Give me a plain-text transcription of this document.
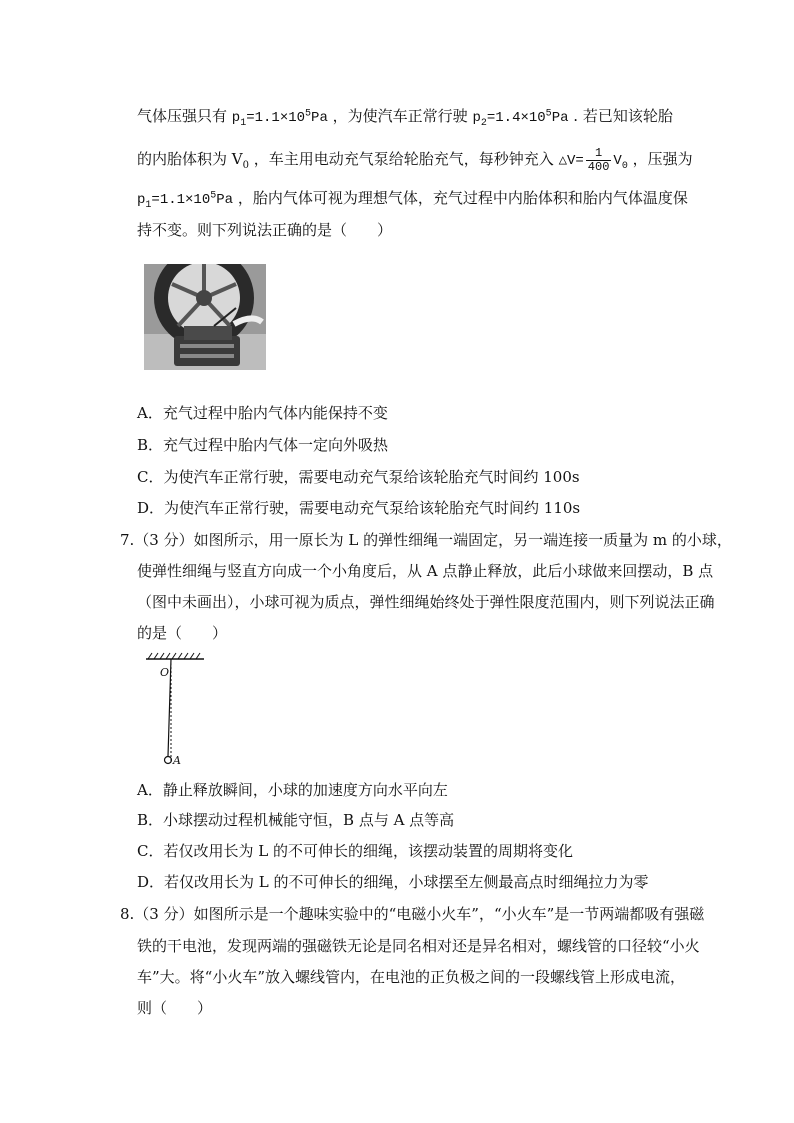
气体压强只有 $p_1=1.1\times 10^5Pa$ ，为使汽车正常行驶 $p_2=1.4\times 10^5Pa$ . 若已知该轮胎
的内胎体积为 $V_0$ ，车主用电动充气泵给轮胎充气，每秒钟充入 △V= $\frac{1}{400} V_0$ ，压强为
$p_1=1.1\times 10^5Pa$ ，胎内气体可视为理想气体，充气过程中内胎体积和胎内气体温度保
持不变。则下列说法正确的是（　　）
A．充气过程中胎内气体内能保持不变
B．充气过程中胎内气体一定向外吸热
C．为使汽车正常行驶，需要电动充气泵给该轮胎充气时间约 100s
D．为使汽车正常行驶，需要电动充气泵给该轮胎充气时间约 110s
7.（3 分）如图所示，用一原长为 L 的弹性细绳一端固定，另一端连接一质量为 m 的小球，
使弹性细绳与竖直方向成一个小角度后，从 A 点静止释放，此后小球做来回摆动，B 点
（图中未画出），小球可视为质点，弹性细绳始终处于弹性限度范围内，则下列说法正确
的是（　　）
O
A
A．静止释放瞬间，小球的加速度方向水平向左
B．小球摆动过程机械能守恒，B 点与 A 点等高
C．若仅改用长为 L 的不可伸长的细绳，该摆动装置的周期将变化
D．若仅改用长为 L 的不可伸长的细绳，小球摆至左侧最高点时细绳拉力为零
8.（3 分）如图所示是一个趣味实验中的“电磁小火车”，“小火车”是一节两端都吸有强磁
铁的干电池，发现两端的强磁铁无论是同名相对还是异名相对，螺线管的口径较“小火
车”大。将“小火车”放入螺线管内，在电池的正负极之间的一段螺线管上形成电流，
则（　　）
